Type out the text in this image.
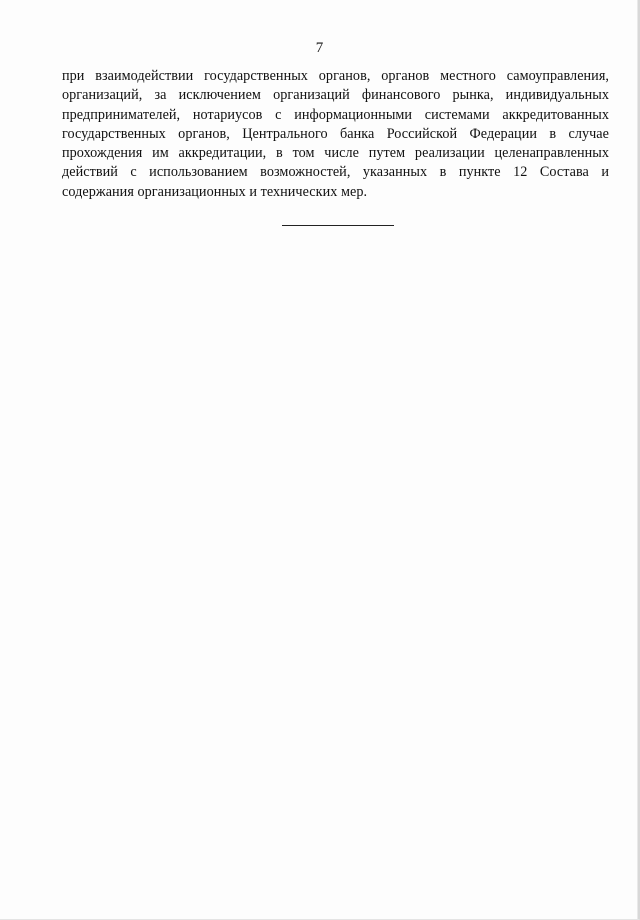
7
при взаимодействии государственных органов, органов местного самоуправления,
организаций, за исключением организаций финансового рынка, индивидуальных
предпринимателей, нотариусов с информационными системами аккредитованных
государственных органов, Центрального банка Российской Федерации в случае
прохождения им аккредитации, в том числе путем реализации целенаправленных
действий с использованием возможностей, указанных в пункте 12 Состава и
содержания организационных и технических мер.
